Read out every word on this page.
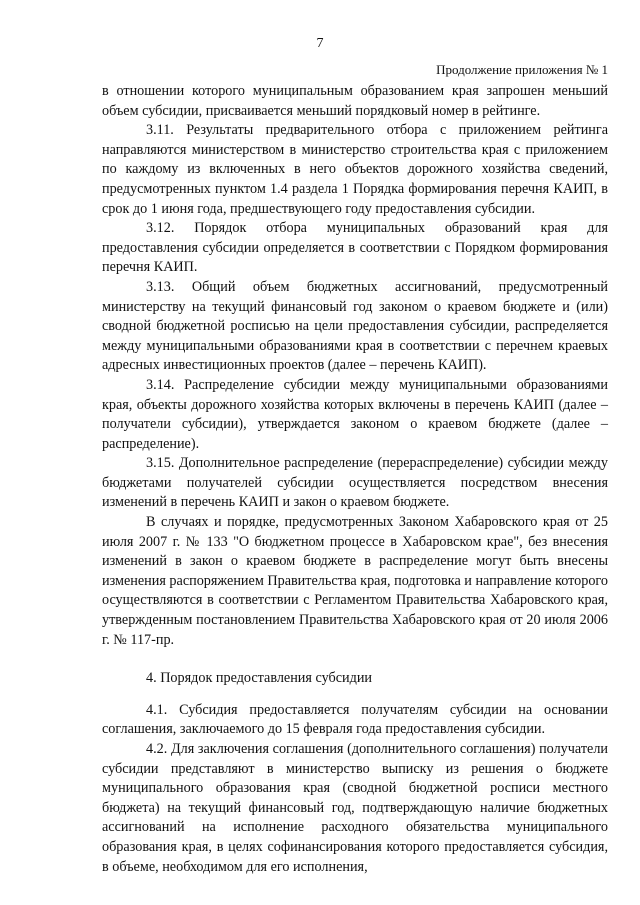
7
Продолжение приложения № 1

в отношении которого муниципальным образованием края запрошен меньший объем субсидии, присваивается меньший порядковый номер в рейтинге.

3.11. Результаты предварительного отбора с приложением рейтинга направляются министерством в министерство строительства края с приложением по каждому из включенных в него объектов дорожного хозяйства сведений, предусмотренных пунктом 1.4 раздела 1 Порядка формирования перечня КАИП, в срок до 1 июня года, предшествующего году предоставления субсидии.

3.12. Порядок отбора муниципальных образований края для предоставления субсидии определяется в соответствии с Порядком формирования перечня КАИП.

3.13. Общий объем бюджетных ассигнований, предусмотренный министерству на текущий финансовый год законом о краевом бюджете и (или) сводной бюджетной росписью на цели предоставления субсидии, распределяется между муниципальными образованиями края в соответствии с перечнем краевых адресных инвестиционных проектов (далее – перечень КАИП).

3.14. Распределение субсидии между муниципальными образованиями края, объекты дорожного хозяйства которых включены в перечень КАИП (далее – получатели субсидии), утверждается законом о краевом бюджете (далее – распределение).

3.15. Дополнительное распределение (перераспределение) субсидии между бюджетами получателей субсидии осуществляется посредством внесения изменений в перечень КАИП и закон о краевом бюджете.

В случаях и порядке, предусмотренных Законом Хабаровского края от 25 июля 2007 г. № 133 "О бюджетном процессе в Хабаровском крае", без внесения изменений в закон о краевом бюджете в распределение могут быть внесены изменения распоряжением Правительства края, подготовка и направление которого осуществляются в соответствии с Регламентом Правительства Хабаровского края, утвержденным постановлением Правительства Хабаровского края от 20 июля 2006 г. № 117-пр.

4. Порядок предоставления субсидии

4.1. Субсидия предоставляется получателям субсидии на основании соглашения, заключаемого до 15 февраля года предоставления субсидии.

4.2. Для заключения соглашения (дополнительного соглашения) получатели субсидии представляют в министерство выписку из решения о бюджете муниципального образования края (сводной бюджетной росписи местного бюджета) на текущий финансовый год, подтверждающую наличие бюджетных ассигнований на исполнение расходного обязательства муниципального образования края, в целях софинансирования которого предоставляется субсидия, в объеме, необходимом для его исполнения,
